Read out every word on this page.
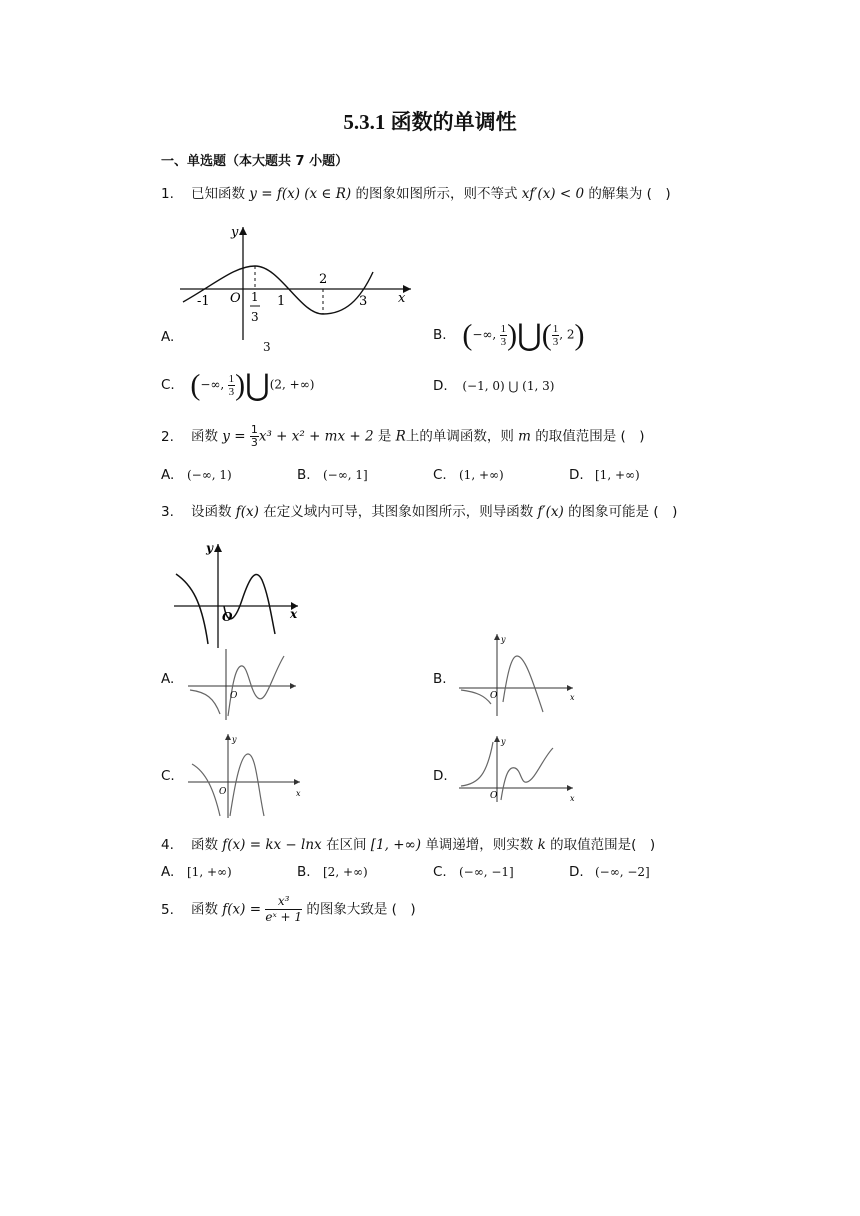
5.3.1 函数的单调性
一、单选题（本大题共 7 小题）
1. 已知函数 y = f(x) (x ∈ R) 的图象如图所示，则不等式 xf′(x) < 0 的解集为 (　)
y
x
O
-1	1
2
3
1
3
A.
3
B. (−∞, $\frac{1}{3}$ )⋃( $\frac{1}{3}$ , 2)
C. (−∞, $\frac{1}{3}$ )⋃(2, +∞)	D. (−1, 0) ⋃ (1, 3)
2. 函数 $y = \frac{1}{3} x^3 + x^2$ + mx + 2 是 R上的单调函数，则 m 的取值范围是 (　)
A. (−∞, 1)	B. (−∞, 1]	C. (1, +∞)	D. [1, +∞)
3. 设函数 f(x) 在定义域内可导，其图象如图所示，则导函数 f′(x) 的图象可能是 (　)
y
x
O
A.
O
B.
y
x
O
C.
y
x
O
D.
y
x
O
4. 函数 f(x) = kx − lnx 在区间 [1, +∞) 单调递增，则实数 k 的取值范围是(　)
A. [1, +∞)	B. [2, +∞)	C. (−∞, −1]	D. (−∞, −2]
5. 函数 $f(x) = \frac{\text{x³}}{\text{eˣ + 1}}$ 的图象大致是 (　)
